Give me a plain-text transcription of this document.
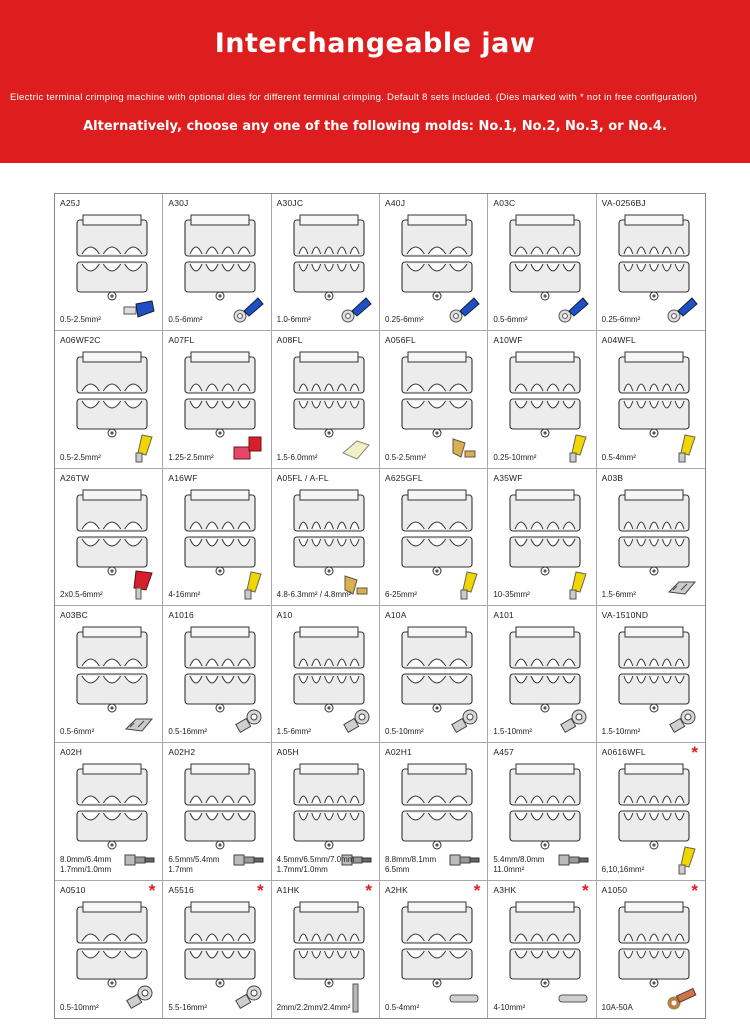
Interchangeable jaw
Electric terminal crimping machine with optional dies for different terminal crimping. Default 8 sets included. (Dies marked with * not in free configuration)
Alternatively, choose any one of the following molds: No.1, No.2, No.3, or No.4.
A25J
0.5-2.5mm²
A30J
0.5-6mm²
A30JC
1.0-6mm²
A40J
0.25-6mm²
A03C
0.5-6mm²
VA-0256BJ
0.25-6mm²
A06WF2C
0.5-2.5mm²
A07FL
1.25-2.5mm²
A08FL
1.5-6.0mm²
A056FL
0.5-2.5mm²
A10WF
0.25-10mm²
A04WFL
0.5-4mm²
A26TW
2x0.5-6mm²
A16WF
4-16mm²
A05FL / A-FL
4.8-6.3mm² / 4.8mm²
A625GFL
6-25mm²
A35WF
10-35mm²
A03B
1.5-6mm²
A03BC
0.5-6mm²
A1016
0.5-16mm²
A10
1.5-6mm²
A10A
0.5-10mm²
A101
1.5-10mm²
VA-1510ND
1.5-10mm²
A02H
8.0mm/6.4mm
1.7mm/1.0mm
A02H2
6.5mm/5.4mm
1.7mm
A05H
4.5mm/6.5mm/7.0mm
1.7mm/1.0mm
A02H1
8.8mm/8.1mm
6.5mm
A457
5.4mm/8.0mm
11.0mm²
A0616WFL	*
6,10,16mm²
A0510	*
0.5-10mm²
A5516	*
5.5-16mm²
A1HK	*
2mm/2.2mm/2.4mm²
A2HK	*
0.5-4mm²
A3HK	*
4-10mm²
A1050	*
10A-50A
